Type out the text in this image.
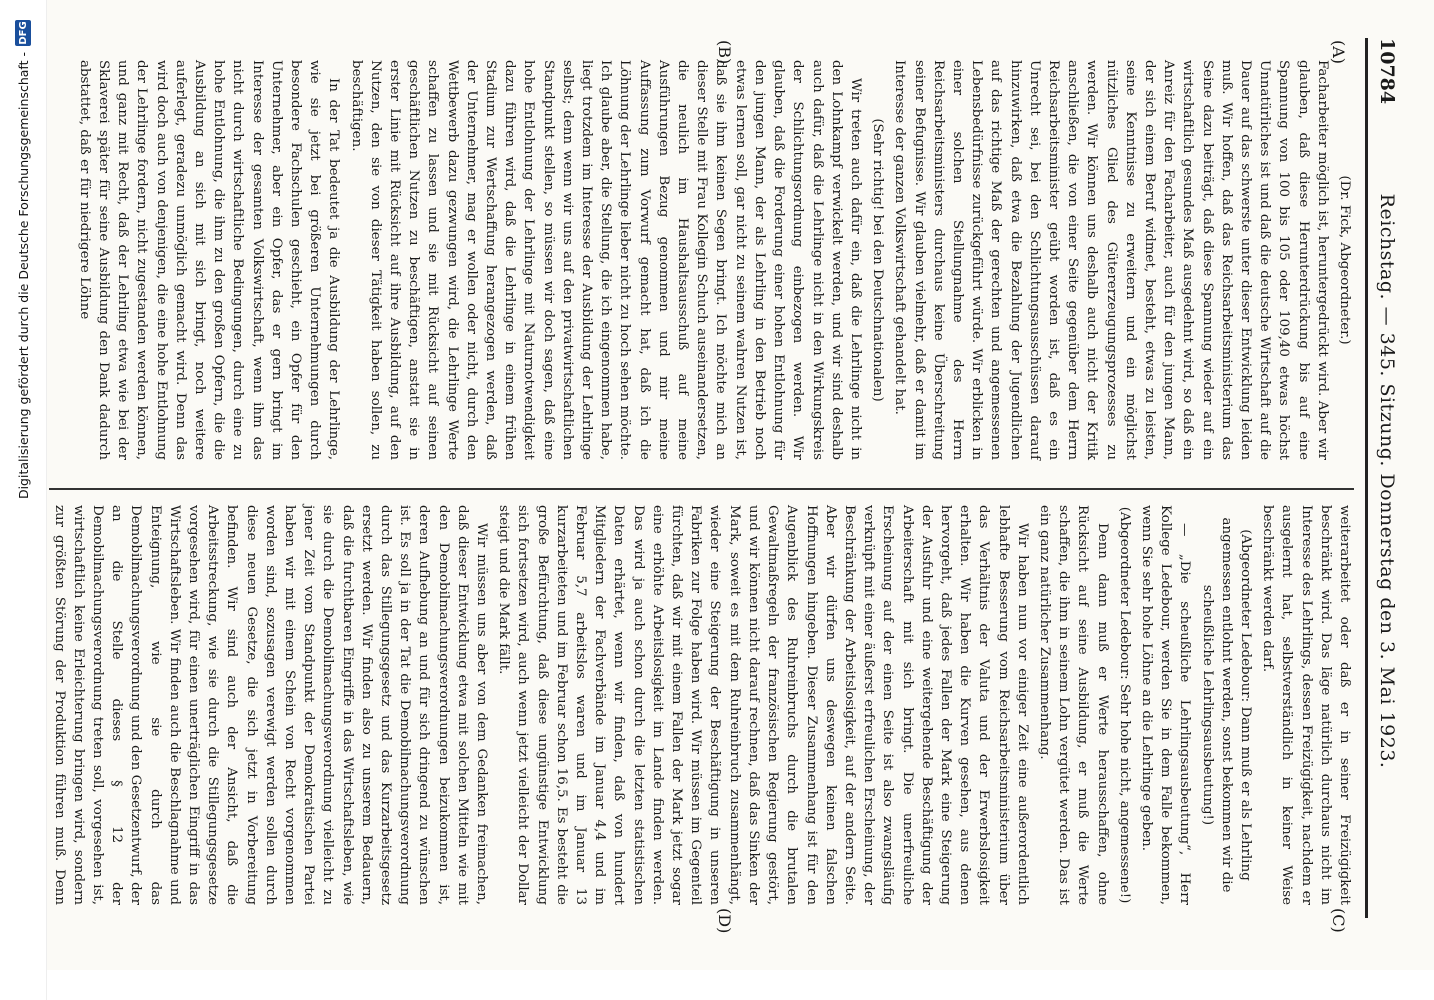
10784
Reichstag. — 345. Sitzung. Donnerstag den 3. Mai 1923.
(A)
(B)
(C)
(D)

(Dr. Fick, Abgeordneter.)

Facharbeiter möglich ist, heruntergedrückt wird. Aber wir glauben, daß diese Herunterdrückung bis auf eine Spannung von 100 bis 105 oder 109,40 etwas höchst Unnatürliches ist und daß die deutsche Wirtschaft auf die Dauer auf das schwerste unter dieser Entwicklung leiden muß. Wir hoffen, daß das Reichsarbeitsministerium das Seine dazu beiträgt, daß diese Spannung wieder auf ein wirtschaftlich gesundes Maß ausgedehnt wird, so daß ein Anreiz für den Facharbeiter, auch für den jungen Mann, der sich einem Beruf widmet, besteht, etwas zu leisten, seine Kenntnisse zu erweitern und ein möglichst nützliches Glied des Gütererzeugungsprozesses zu werden. Wir können uns deshalb auch nicht der Kritik anschließen, die von einer Seite gegenüber dem Herrn Reichsarbeitsminister geübt worden ist, daß es ein Unrecht sei, bei den Schlichtungsausschüssen darauf hinzuwirken, daß etwa die Bezahlung der Jugendlichen auf das richtige Maß der gerechten und angemessenen Lebensbedürfnisse zurückgeführt würde. Wir erblicken in einer solchen Stellungnahme des Herrn Reichsarbeitsministers durchaus keine Überschreitung seiner Befugnisse. Wir glauben vielmehr, daß er damit im Interesse der ganzen Volkswirtschaft gehandelt hat.

(Sehr richtig! bei den Deutschnationalen)

Wir treten auch dafür ein, daß die Lehrlinge nicht in den Lohnkampf verwickelt werden, und wir sind deshalb auch dafür, daß die Lehrlinge nicht in den Wirkungskreis der Schlichtungsordnung einbezogen werden. Wir glauben, daß die Forderung einer hohen Entlohnung für den jungen Mann, der als Lehrling in den Betrieb noch etwas lernen soll, gar nicht zu seinem wahren Nutzen ist, daß sie ihm keinen Segen bringt. Ich möchte mich an dieser Stelle mit Frau Kollegin Schuch auseinandersetzen, die neulich im Haushaltsausschuß auf meine Ausführungen Bezug genommen und mir meine Auffassung zum Vorwurf gemacht hat, daß ich die Löhnung der Lehrlinge lieber nicht zu hoch sehen möchte. Ich glaube aber, die Stellung, die ich eingenommen habe, liegt trotzdem im Interesse der Ausbildung der Lehrlinge selbst; denn wenn wir uns auf den privatwirtschaftlichen Standpunkt stellen, so müssen wir doch sagen, daß eine hohe Entlohnung der Lehrlinge mit Naturnotwendigkeit dazu führen wird, daß die Lehrlinge in einem frühen Stadium zur Wertschaffung herangezogen werden, daß der Unternehmer, mag er wollen oder nicht, durch den Wettbewerb dazu gezwungen wird, die Lehrlinge Werte schaffen zu lassen und sie mit Rücksicht auf seinen geschäftlichen Nutzen zu beschäftigen, anstatt sie in erster Linie mit Rücksicht auf ihre Ausbildung, auf den Nutzen, den sie von dieser Tätigkeit haben sollen, zu beschäftigen.

In der Tat bedeutet ja die Ausbildung der Lehrlinge, wie sie jetzt bei größeren Unternehmungen durch besondere Fachschulen geschieht, ein Opfer für den Unternehmer, aber ein Opfer, das er gern bringt im Interesse der gesamten Volkswirtschaft, wenn ihm das nicht durch wirtschaftliche Bedingungen, durch eine zu hohe Entlohnung, die ihm zu den großen Opfern, die die Ausbildung an sich mit sich bringt, noch weitere auferlegt, geradezu unmöglich gemacht wird. Denn das wird doch auch von denjenigen, die eine hohe Entlohnung der Lehrlinge fordern, nicht zugestanden werden können, und ganz mit Recht, daß der Lehrling etwa wie bei der Sklaverei später für seine Ausbildung den Dank dadurch abstattet, daß er für niedrigere Löhne

weiterarbeitet oder daß er in seiner Freizügigkeit beschränkt wird. Das läge natürlich durchaus nicht im Interesse des Lehrlings, dessen Freizügigkeit, nachdem er ausgelernt hat, selbstverständlich in keiner Weise beschränkt werden darf.

(Abgeordneter Ledebour: Dann muß er als Lehrling angemessen entlohnt werden, sonst bekommen wir die scheußliche Lehrlingsausbeutung!)

— „Die scheußliche Lehrlingsausbeutung“, Herr Kollege Ledebour, werden Sie in dem Falle bekommen, wenn Sie sehr hohe Löhne an die Lehrlinge geben.

(Abgeordneter Ledebour: Sehr hohe nicht, angemessene!)

Denn dann muß er Werte herausschaffen, ohne Rücksicht auf seine Ausbildung, er muß die Werte schaffen, die ihm in seinem Lohn vergütet werden. Das ist ein ganz natürlicher Zusammenhang.

Wir haben nun vor einiger Zeit eine außerordentlich lebhafte Besserung vom Reichsarbeitsministerium über das Verhältnis der Valuta und der Erwerbslosigkeit erhalten. Wir haben die Kurven gesehen, aus denen hervorgeht, daß jedes Fallen der Mark eine Steigerung der Ausfuhr und eine weitergehende Beschäftigung der Arbeiterschaft mit sich bringt. Die unerfreuliche Erscheinung auf der einen Seite ist also zwangsläufig verknüpft mit einer äußerst erfreulichen Erscheinung, der Beschränkung der Arbeitslosigkeit, auf der andern Seite. Aber wir dürfen uns deswegen keinen falschen Hoffnungen hingeben. Dieser Zusammenhang ist für den Augenblick des Ruhreinbruchs durch die brutalen Gewaltmaßregeln der französischen Regierung gestört, und wir können nicht darauf rechnen, daß das Sinken der Mark, soweit es mit dem Ruhreinbruch zusammenhängt, wieder eine Steigerung der Beschäftigung in unseren Fabriken zur Folge haben wird. Wir müssen im Gegenteil fürchten, daß wir mit einem Fallen der Mark jetzt sogar eine erhöhte Arbeitslosigkeit im Lande finden werden. Das wird ja auch schon durch die letzten statistischen Daten erhärtet, wenn wir finden, daß von hundert Mitgliedern der Fachverbände im Januar 4,4 und im Februar 5,7 arbeitslos waren und im Januar 13 kurzarbeiteten und im Februar schon 16,5. Es besteht die große Befürchtung, daß diese ungünstige Entwicklung sich fortsetzen wird, auch wenn jetzt vielleicht der Dollar steigt und die Mark fällt.

Wir müssen uns aber von dem Gedanken freimachen, daß dieser Entwicklung etwa mit solchen Mitteln wie mit den Demobilmachungsverordnungen beizukommen ist, deren Aufhebung an und für sich dringend zu wünschen ist. Es soll ja in der Tat die Demobilmachungsverordnung durch das Stillegungsgesetz und das Kurzarbeitsgesetz ersetzt werden. Wir finden also zu unserem Bedauern, daß die furchtbaren Eingriffe in das Wirtschaftsleben, wie sie durch die Demobilmachungsverordnung vielleicht zu jener Zeit vom Standpunkt der Demokratischen Partei haben wir mit einem Schein von Recht vorgenommen worden sind, sozusagen verewigt werden sollen durch diese neuen Gesetze, die sich jetzt in Vorbereitung befinden. Wir sind auch der Ansicht, daß die Arbeitsstreckung, wie sie durch die Stillegungsgesetze vorgesehen wird, für einen unerträglichen Eingriff in das Wirtschaftsleben. Wir finden auch die Beschlagnahme und Enteignung, wie sie durch das Demobilmachungsverordnung und den Gesetzentwurf, der an die Stelle dieses § 12 der Demobilmachungsverordnung treten soll, vorgesehen ist, wirtschaftlich keine Erleichterung bringen wird, sondern zur größten Störung der Produktion führen muß. Denn

Digitalisierung gefördert durch die Deutsche Forschungsgemeinschaft -
DFG
